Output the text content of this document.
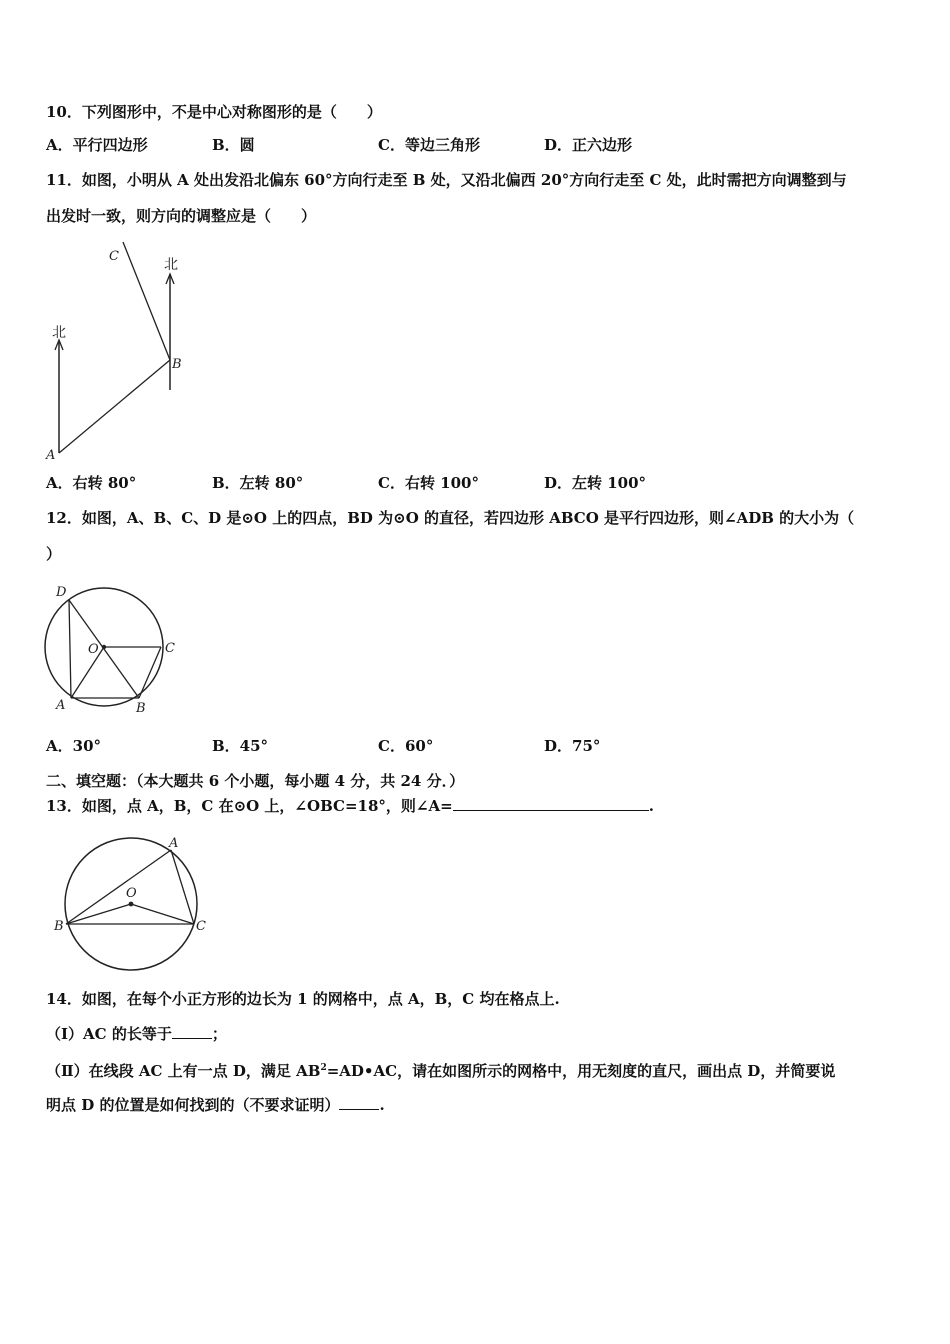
10．下列图形中，不是中心对称图形的是（　　）
A．平行四边形	B．圆	C．等边三角形	D．正六边形
11．如图，小明从 A 处出发沿北偏东 60°方向行走至 B 处，又沿北偏西 20°方向行走至 C 处，此时需把方向调整到与
出发时一致，则方向的调整应是（　　）
北
北
A
B
C
A．右转 80°	B．左转 80°	C．右转 100°	D．左转 100°
12．如图，A、B、C、D 是⊙O 上的四点，BD 为⊙O 的直径，若四边形 ABCO 是平行四边形，则∠ADB 的大小为（
）
D
O	C
A	B
A．30°	B．45°	C．60°	D．75°
二、填空题：（本大题共 6 个小题，每小题 4 分，共 24 分．）
13．如图，点 A，B，C 在⊙O 上，∠OBC=18°，则∠A=	.
A
O
B	C
14．如图，在每个小正方形的边长为 1 的网格中，点 A，B，C 均在格点上.
（Ⅰ）AC 的长等于	；
（Ⅱ）在线段 AC 上有一点 D，满足 $AB^2=AD•AC$，请在如图所示的网格中，用无刻度的直尺，画出点 D，并简要说
明点 D 的位置是如何找到的（不要求证明）	.
